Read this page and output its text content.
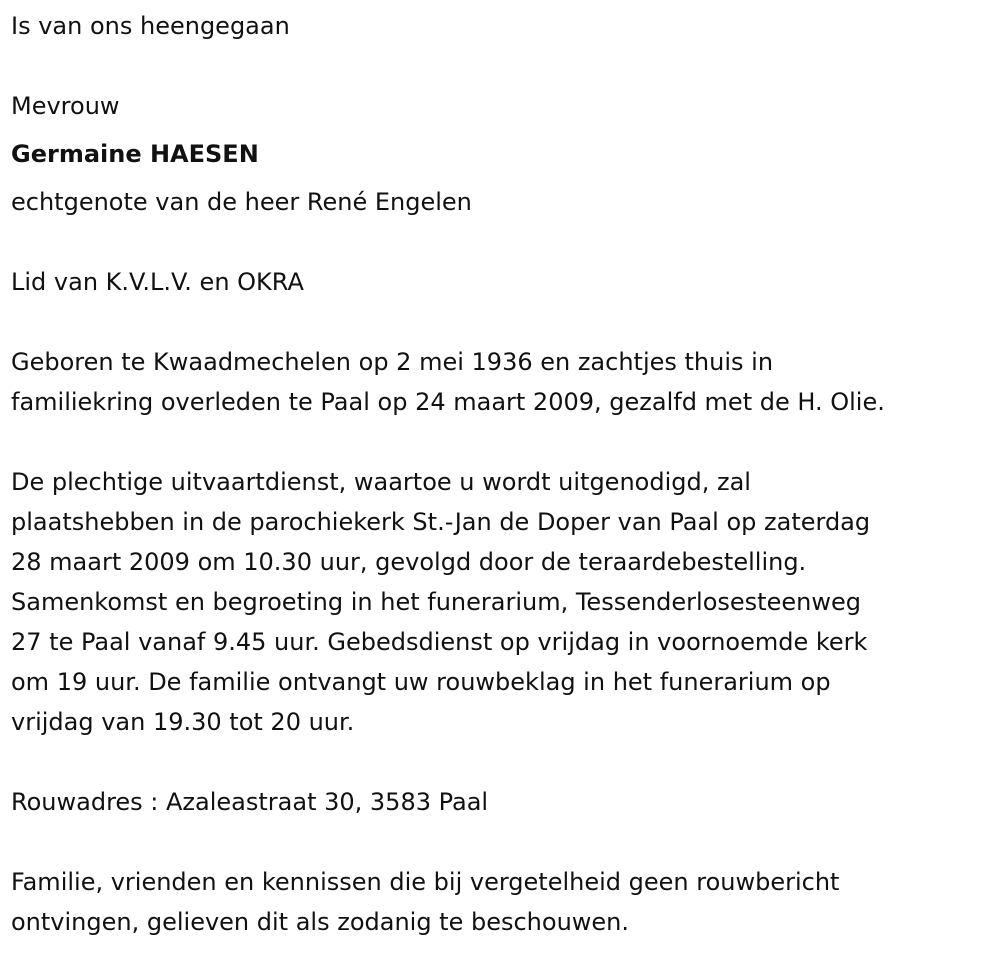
Is van ons heengegaan

Mevrouw

Germaine HAESEN

echtgenote van de heer René Engelen

Lid van K.V.L.V. en OKRA

Geboren te Kwaadmechelen op 2 mei 1936 en zachtjes thuis in

familiekring overleden te Paal op 24 maart 2009, gezalfd met de H. Olie.

De plechtige uitvaartdienst, waartoe u wordt uitgenodigd, zal

plaatshebben in de parochiekerk St.-Jan de Doper van Paal op zaterdag

28 maart 2009 om 10.30 uur, gevolgd door de teraardebestelling.

Samenkomst en begroeting in het funerarium, Tessenderlosesteenweg

27 te Paal vanaf 9.45 uur. Gebedsdienst op vrijdag in voornoemde kerk

om 19 uur. De familie ontvangt uw rouwbeklag in het funerarium op

vrijdag van 19.30 tot 20 uur.

Rouwadres : Azaleastraat 30, 3583 Paal

Familie, vrienden en kennissen die bij vergetelheid geen rouwbericht

ontvingen, gelieven dit als zodanig te beschouwen.
